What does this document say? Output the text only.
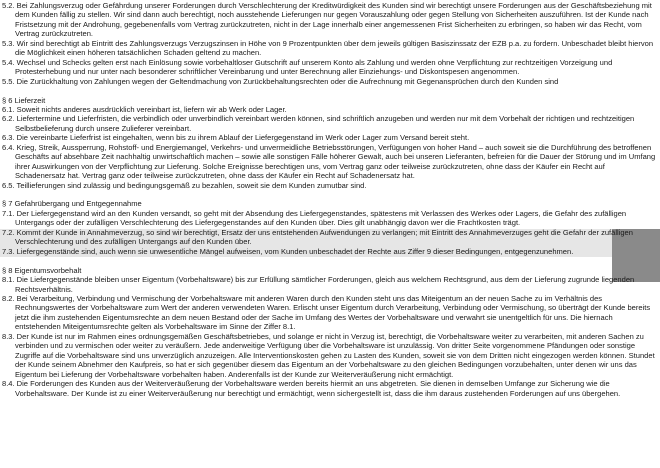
5.2. Bei Zahlungsverzug oder Gefährdung unserer Forderungen durch Verschlechterung der Kreditwürdigkeit des Kunden sind wir berechtigt unsere Forderungen aus der Geschäftsbeziehung mit dem Kunden fällig zu stellen. Wir sind dann auch berechtigt, noch ausstehende Lieferungen nur gegen Vorauszahlung oder gegen Stellung von Sicherheiten auszuführen. Ist der Kunde nach Fristsetzung mit der Androhung, gegebenenfalls vom Vertrag zurückzutreten, nicht in der Lage innerhalb einer angemessenen Frist Sicherheiten zu erbringen, so haben wir das Recht, vom Vertrag zurückzutreten.

5.3. Wir sind berechtigt ab Eintritt des Zahlungsverzugs Verzugszinsen in Höhe von 9 Prozentpunkten über dem jeweils gültigen Basiszinssatz der EZB p.a. zu fordern. Unbeschadet bleibt hiervon die Möglichkeit einen höheren tatsächlichen Schaden geltend zu machen.

5.4. Wechsel und Schecks gelten erst nach Einlösung sowie vorbehaltloser Gutschrift auf unserem Konto als Zahlung und werden ohne Verpflichtung zur rechtzeitigen Vorzeigung und Protesterhebung und nur unter nach besonderer schriftlicher Vereinbarung und unter Berechnung aller Einziehungs- und Diskontspesen angenommen.

5.5. Die Zurückhaltung von Zahlungen wegen der Geltendmachung von Zurückbehaltungsrechten oder die Aufrechnung mit Gegenansprüchen durch den Kunden sind

§ 6 Lieferzeit

6.1. Soweit nichts anderes ausdrücklich vereinbart ist, liefern wir ab Werk oder Lager.

6.2. Liefertermine und Lieferfristen, die verbindlich oder unverbindlich vereinbart werden können, sind schriftlich anzugeben und werden nur mit dem Vorbehalt der richtigen und rechtzeitigen Selbstbelieferung durch unsere Zulieferer vereinbart.

6.3. Die vereinbarte Lieferfrist ist eingehalten, wenn bis zu ihrem Ablauf der Liefergegenstand im Werk oder Lager zum Versand bereit steht.

6.4. Krieg, Streik, Aussperrung, Rohstoff- und Energiemangel, Verkehrs- und unvermeidliche Betriebsstörungen, Verfügungen von hoher Hand – auch soweit sie die Durchführung des betroffenen Geschäfts auf absehbare Zeit nachhaltig unwirtschaftlich machen – sowie alle sonstigen Fälle höherer Gewalt, auch bei unseren Lieferanten, befreien für die Dauer der Störung und im Umfang ihrer Auswirkungen von der Verpflichtung zur Lieferung. Solche Ereignisse berechtigen uns, vom Vertrag ganz oder teilweise zurückzutreten, ohne dass der Käufer ein Recht auf Schadenersatz hat. Vertrag ganz oder teilweise zurückzutreten, ohne dass der Käufer ein Recht auf Schadenersatz hat.

6.5. Teillieferungen sind zulässig und bedingungsgemäß zu bezahlen, soweit sie dem Kunden zumutbar sind.

§ 7 Gefahrübergang und Entgegennahme

7.1. Der Liefergegenstand wird an den Kunden versandt, so geht mit der Absendung des Liefergegenstandes, spätestens mit Verlassen des Werkes oder Lagers, die Gefahr des zufälligen Untergangs oder der zufälligen Verschlechterung des Liefergegenstandes auf den Kunden über. Dies gilt unabhängig davon wer die Frachtkosten trägt.

7.2. Kommt der Kunde in Annahmeverzug, so sind wir berechtigt, Ersatz der uns entstehenden Aufwendungen zu verlangen; mit Eintritt des Annahmeverzuges geht die Gefahr der zufälligen Verschlechterung und des zufälligen Untergangs auf den Kunden über.

7.3. Liefergegenstände sind, auch wenn sie unwesentliche Mängel aufweisen, vom Kunden unbeschadet der Rechte aus Ziffer 9 dieser Bedingungen, entgegenzunehmen.

§ 8 Eigentumsvorbehalt

8.1. Die Liefergegenstände bleiben unser Eigentum (Vorbehaltsware) bis zur Erfüllung sämtlicher Forderungen, gleich aus welchem Rechtsgrund, aus dem der Lieferung zugrunde liegenden Rechtsverhältnis.

8.2. Bei Verarbeitung, Verbindung und Vermischung der Vorbehaltsware mit anderen Waren durch den Kunden steht uns das Miteigentum an der neuen Sache zu im Verhältnis des Rechnungswertes der Vorbehaltsware zum Wert der anderen verwendeten Waren. Erlischt unser Eigentum durch Verarbeitung, Verbindung oder Vermischung, so überträgt der Kunde bereits jetzt die ihm zustehenden Eigentumsrechte an dem neuen Bestand oder der Sache im Umfang des Wertes der Vorbehaltsware und verwahrt sie unentgeltlich für uns. Die hiernach entstehenden Miteigentumsrechte gelten als Vorbehaltsware im Sinne der Ziffer 8.1.

8.3. Der Kunde ist nur im Rahmen eines ordnungsgemäßen Geschäftsbetriebes, und solange er nicht in Verzug ist, berechtigt, die Vorbehaltsware weiter zu verarbeiten, mit anderen Sachen zu verbinden und zu vermischen oder weiter zu veräußern. Jede anderweitige Verfügung über die Vorbehaltsware ist unzulässig. Von dritter Seite vorgenommene Pfändungen oder sonstige Zugriffe auf die Vorbehaltsware sind uns unverzüglich anzuzeigen. Alle Interventionskosten gehen zu Lasten des Kunden, soweit sie von dem Dritten nicht eingezogen werden können. Stundet der Kunde seinem Abnehmer den Kaufpreis, so hat er sich gegenüber diesem das Eigentum an der Vorbehaltsware zu den gleichen Bedingungen vorzubehalten, unter denen wir uns das Eigentum bei Lieferung der Vorbehaltsware vorbehalten haben. Anderenfalls ist der Kunde zur Weiterveräußerung nicht ermächtigt.

8.4. Die Forderungen des Kunden aus der Weiterveräußerung der Vorbehaltsware werden bereits hiermit an uns abgetreten. Sie dienen in demselben Umfange zur Sicherung wie die Vorbehaltsware. Der Kunde ist zu einer Weiterveräußerung nur berechtigt und ermächtigt, wenn sichergestellt ist, dass die ihm daraus zustehenden Forderungen auf uns übergehen.
